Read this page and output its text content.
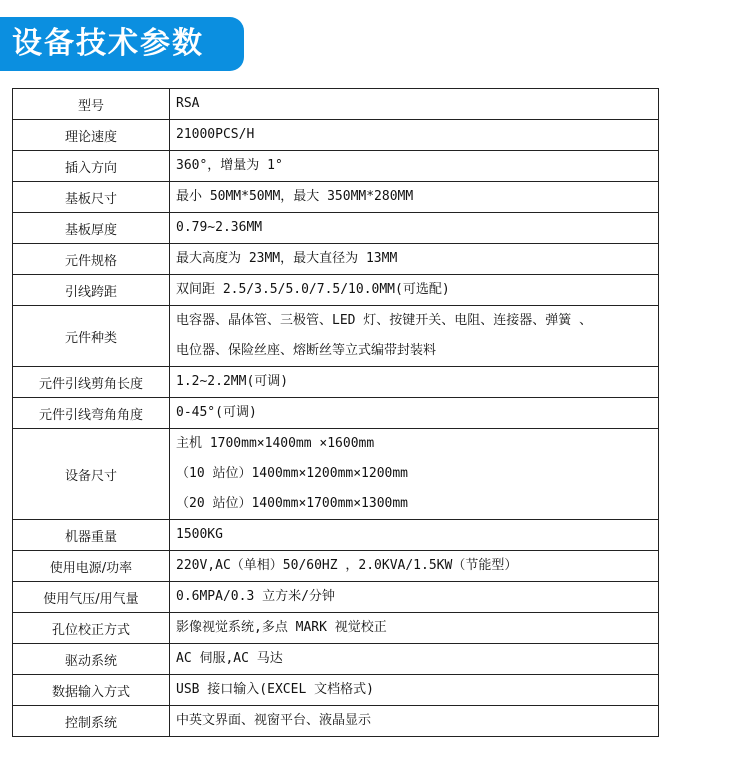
设备技术参数
型号	RSA

理论速度	21000PCS/H

插入方向	360°，增量为 1°

基板尺寸	最小 50MM*50MM，最大 350MM*280MM

基板厚度	0.79~2.36MM

元件规格	最大高度为 23MM，最大直径为 13MM

引线跨距	双间距 2.5/3.5/5.0/7.5/10.0MM(可选配)

元件种类	电容器、晶体管、三极管、LED 灯、按键开关、电阻、连接器、弹簧 、
电位器、保险丝座、熔断丝等立式编带封装料

元件引线剪角长度	1.2~2.2MM(可调)

元件引线弯角角度	0-45°(可调)

设备尺寸	主机 1700mm×1400mm ×1600mm
（10 站位）1400mm×1200mm×1200mm
（20 站位）1400mm×1700mm×1300mm

机器重量	1500KG

使用电源/功率	220V,AC（单相）50/60HZ ，2.0KVA/1.5KW（节能型）

使用气压/用气量	0.6MPA/0.3 立方米/分钟

孔位校正方式	影像视觉系统,多点 MARK 视觉校正

驱动系统	AC 伺服,AC 马达

数据输入方式	USB 接口输入(EXCEL 文档格式)

控制系统	中英文界面、视窗平台、液晶显示
